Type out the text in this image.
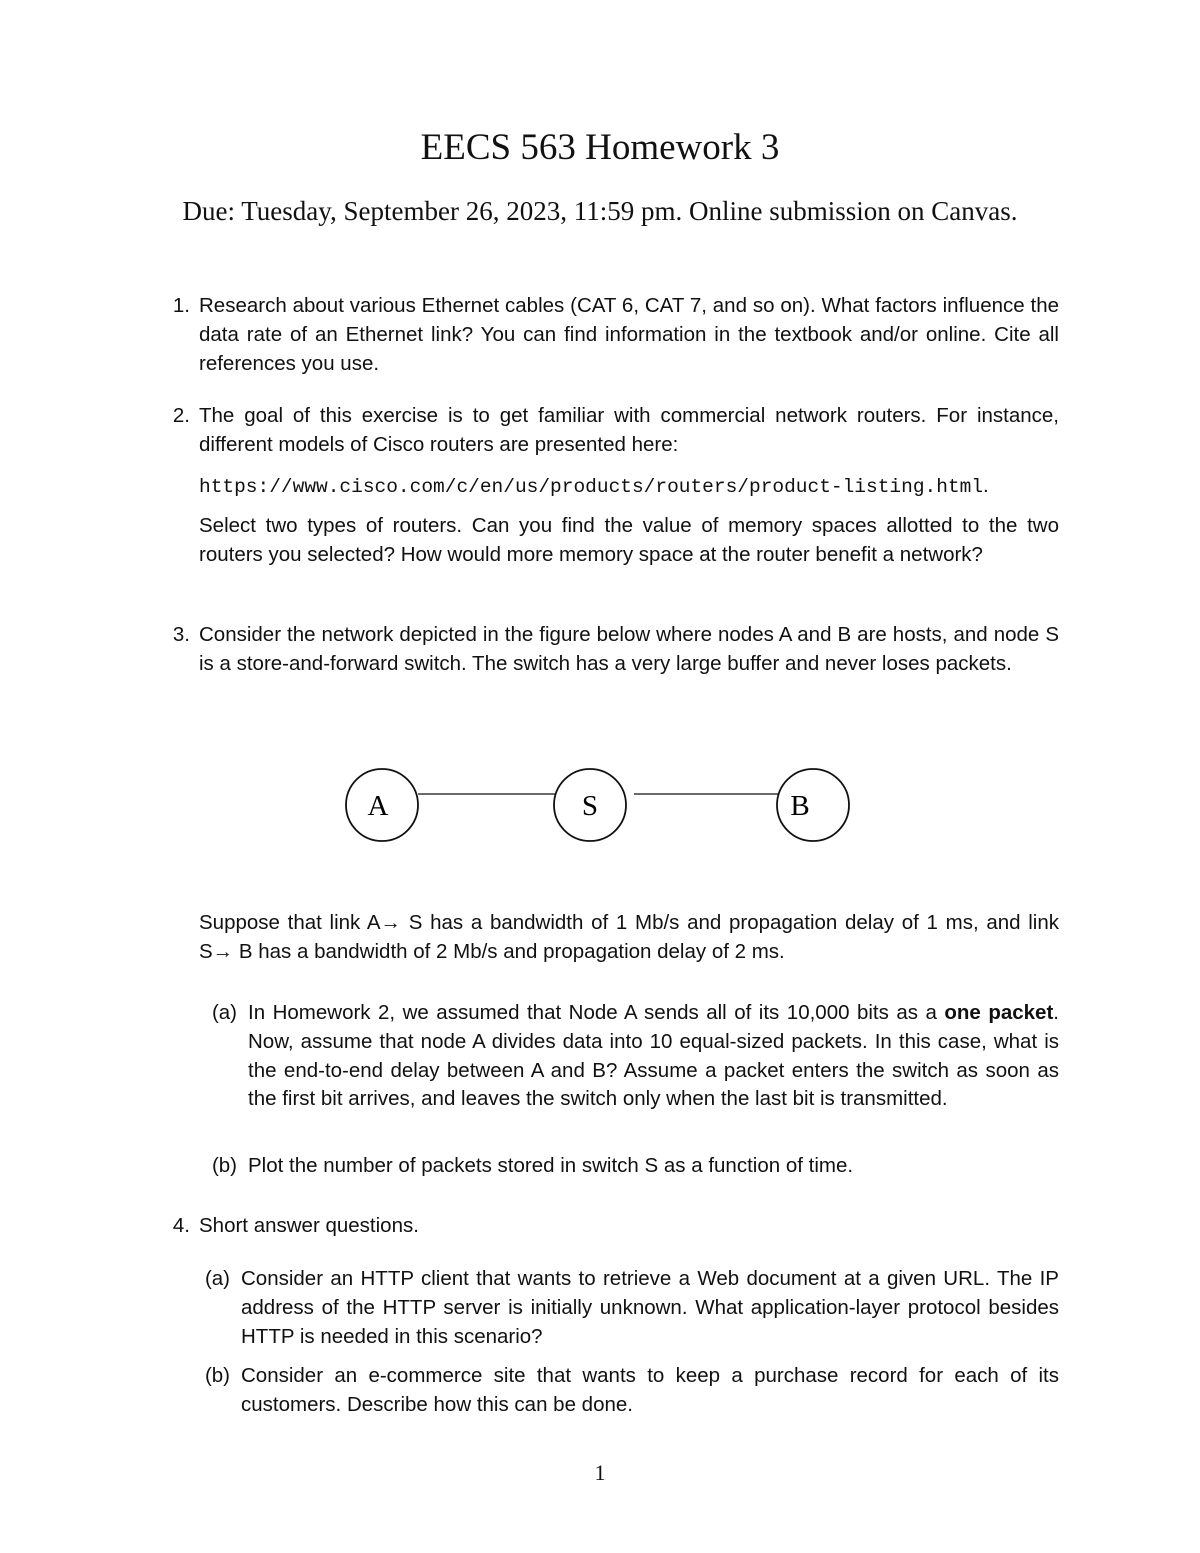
EECS 563 Homework 3
Due: Tuesday, September 26, 2023, 11:59 pm. Online submission on Canvas.
1. Research about various Ethernet cables (CAT 6, CAT 7, and so on). What factors influence the data rate of an Ethernet link? You can find information in the textbook and/or online. Cite all references you use.

2. The goal of this exercise is to get familiar with commercial network routers. For instance, different models of Cisco routers are presented here:

https://www.cisco.com/c/en/us/products/routers/product-listing.html.

Select two types of routers. Can you find the value of memory spaces allotted to the two routers you selected? How would more memory space at the router benefit a network?

3. Consider the network depicted in the figure below where nodes A and B are hosts, and node S is a store-and-forward switch. The switch has a very large buffer and never loses packets.

A	S	B

Suppose that link A→ S has a bandwidth of 1 Mb/s and propagation delay of 1 ms, and link S→ B has a bandwidth of 2 Mb/s and propagation delay of 2 ms.

(a) In Homework 2, we assumed that Node A sends all of its 10,000 bits as a one packet. Now, assume that node A divides data into 10 equal-sized packets. In this case, what is the end-to-end delay between A and B? Assume a packet enters the switch as soon as the first bit arrives, and leaves the switch only when the last bit is transmitted.

(b) Plot the number of packets stored in switch S as a function of time.

4. Short answer questions.

(a) Consider an HTTP client that wants to retrieve a Web document at a given URL. The IP address of the HTTP server is initially unknown. What application-layer protocol besides HTTP is needed in this scenario?

(b) Consider an e-commerce site that wants to keep a purchase record for each of its customers. Describe how this can be done.

1
